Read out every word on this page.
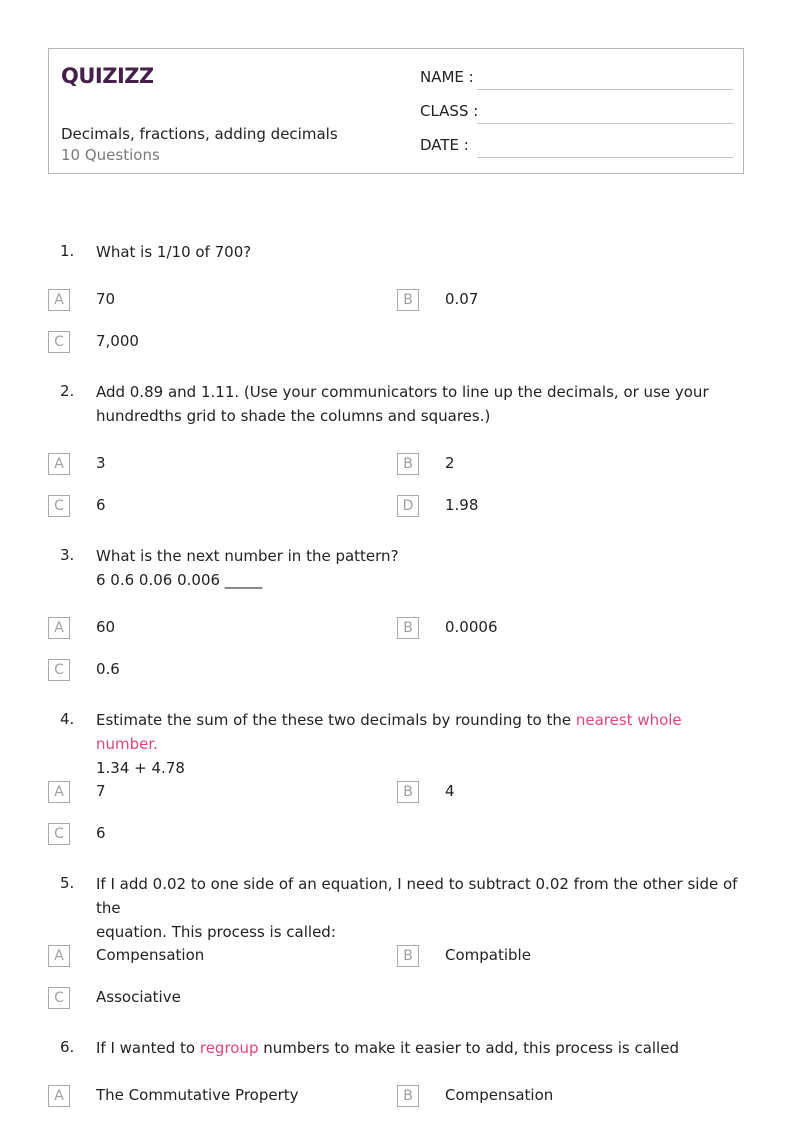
QUIZIZZ
Decimals, fractions, adding decimals
10 Questions
NAME :
CLASS :
DATE :
1. What is 1/10 of 700?
A	70	B	0.07
C	7,000
2. Add 0.89 and 1.11. (Use your communicators to line up the decimals, or use your
hundredths grid to shade the columns and squares.)
A	3	B	2
C	6	D	1.98
3. What is the next number in the pattern?
6 0.6 0.06 0.006 _____
A	60	B	0.0006
C	0.6
4. Estimate the sum of the these two decimals by rounding to the nearest whole number.
1.34 + 4.78
A	7	B	4
C	6
5. If I add 0.02 to one side of an equation, I need to subtract 0.02 from the other side of the
equation. This process is called:
A	Compensation	B	Compatible
C	Associative
6. If I wanted to regroup numbers to make it easier to add, this process is called
A	The Commutative Property	B	Compensation
